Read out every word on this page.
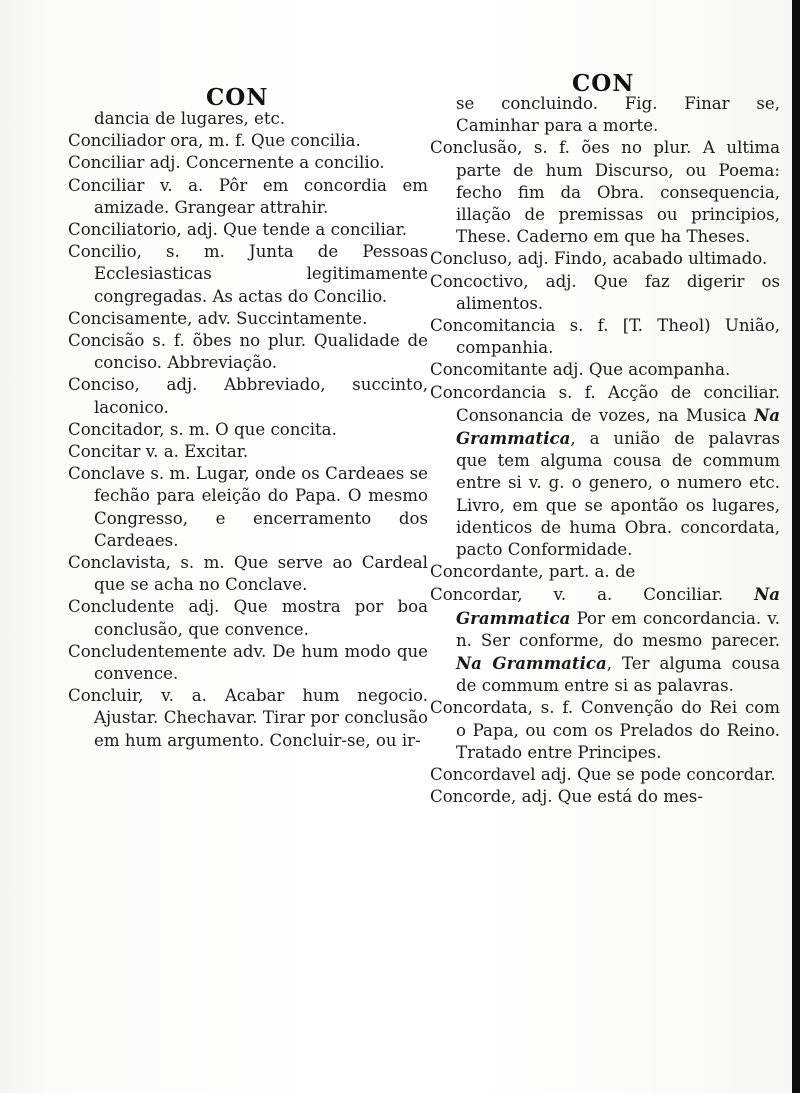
CON

dancia de lugares, etc.

Conciliador ora, m. f. Que concilia.

Conciliar adj. Concernente a concilio.

Conciliar v. a. Pôr em concordia em amizade. Grangear attrahir.

Conciliatorio, adj. Que tende a conciliar.

Concilio, s. m. Junta de Pessoas Ecclesiasticas legitimamente congregadas. As actas do Concilio.

Concisamente, adv. Succintamente.

Concisão s. f. õbes no plur. Qualidade de conciso. Abbreviação.

Conciso, adj. Abbreviado, succinto, laconico.

Concitador, s. m. O que concita.

Concitar v. a. Excitar.

Conclave s. m. Lugar, onde os Cardeaes se fechão para eleição do Papa. O mesmo Congresso, e encerramento dos Cardeaes.

Conclavista, s. m. Que serve ao Cardeal que se acha no Conclave.

Concludente adj. Que mostra por boa conclusão, que convence.

Concludentemente adv. De hum modo que convence.

Concluir, v. a. Acabar hum negocio. Ajustar. Chechavar. Tirar por conclusão em hum argumento. Concluir-se, ou ir-

CON

se concluindo. Fig. Finar se, Caminhar para a morte.

Conclusão, s. f. ões no plur. A ultima parte de hum Discurso, ou Poema: fecho fim da Obra. consequencia, illação de premissas ou principios, These. Caderno em que ha Theses.

Concluso, adj. Findo, acabado ultimado.

Concoctivo, adj. Que faz digerir os alimentos.

Concomitancia s. f. [T. Theol) União, companhia.

Concomitante adj. Que acompanha.

Concordancia s. f. Acção de conciliar. Consonancia de vozes, na Musica Na Grammatica, a união de palavras que tem alguma cousa de commum entre si v. g. o genero, o numero etc. Livro, em que se apontão os lugares, identicos de huma Obra. concordata, pacto Conformidade.

Concordante, part. a. de

Concordar, v. a. Conciliar. Na Grammatica Por em concordancia. v. n. Ser conforme, do mesmo parecer. Na Grammatica, Ter alguma cousa de commum entre si as palavras.

Concordata, s. f. Convenção do Rei com o Papa, ou com os Prelados do Reino. Tratado entre Principes.

Concordavel adj. Que se pode concordar.

Concorde, adj. Que está do mes-
